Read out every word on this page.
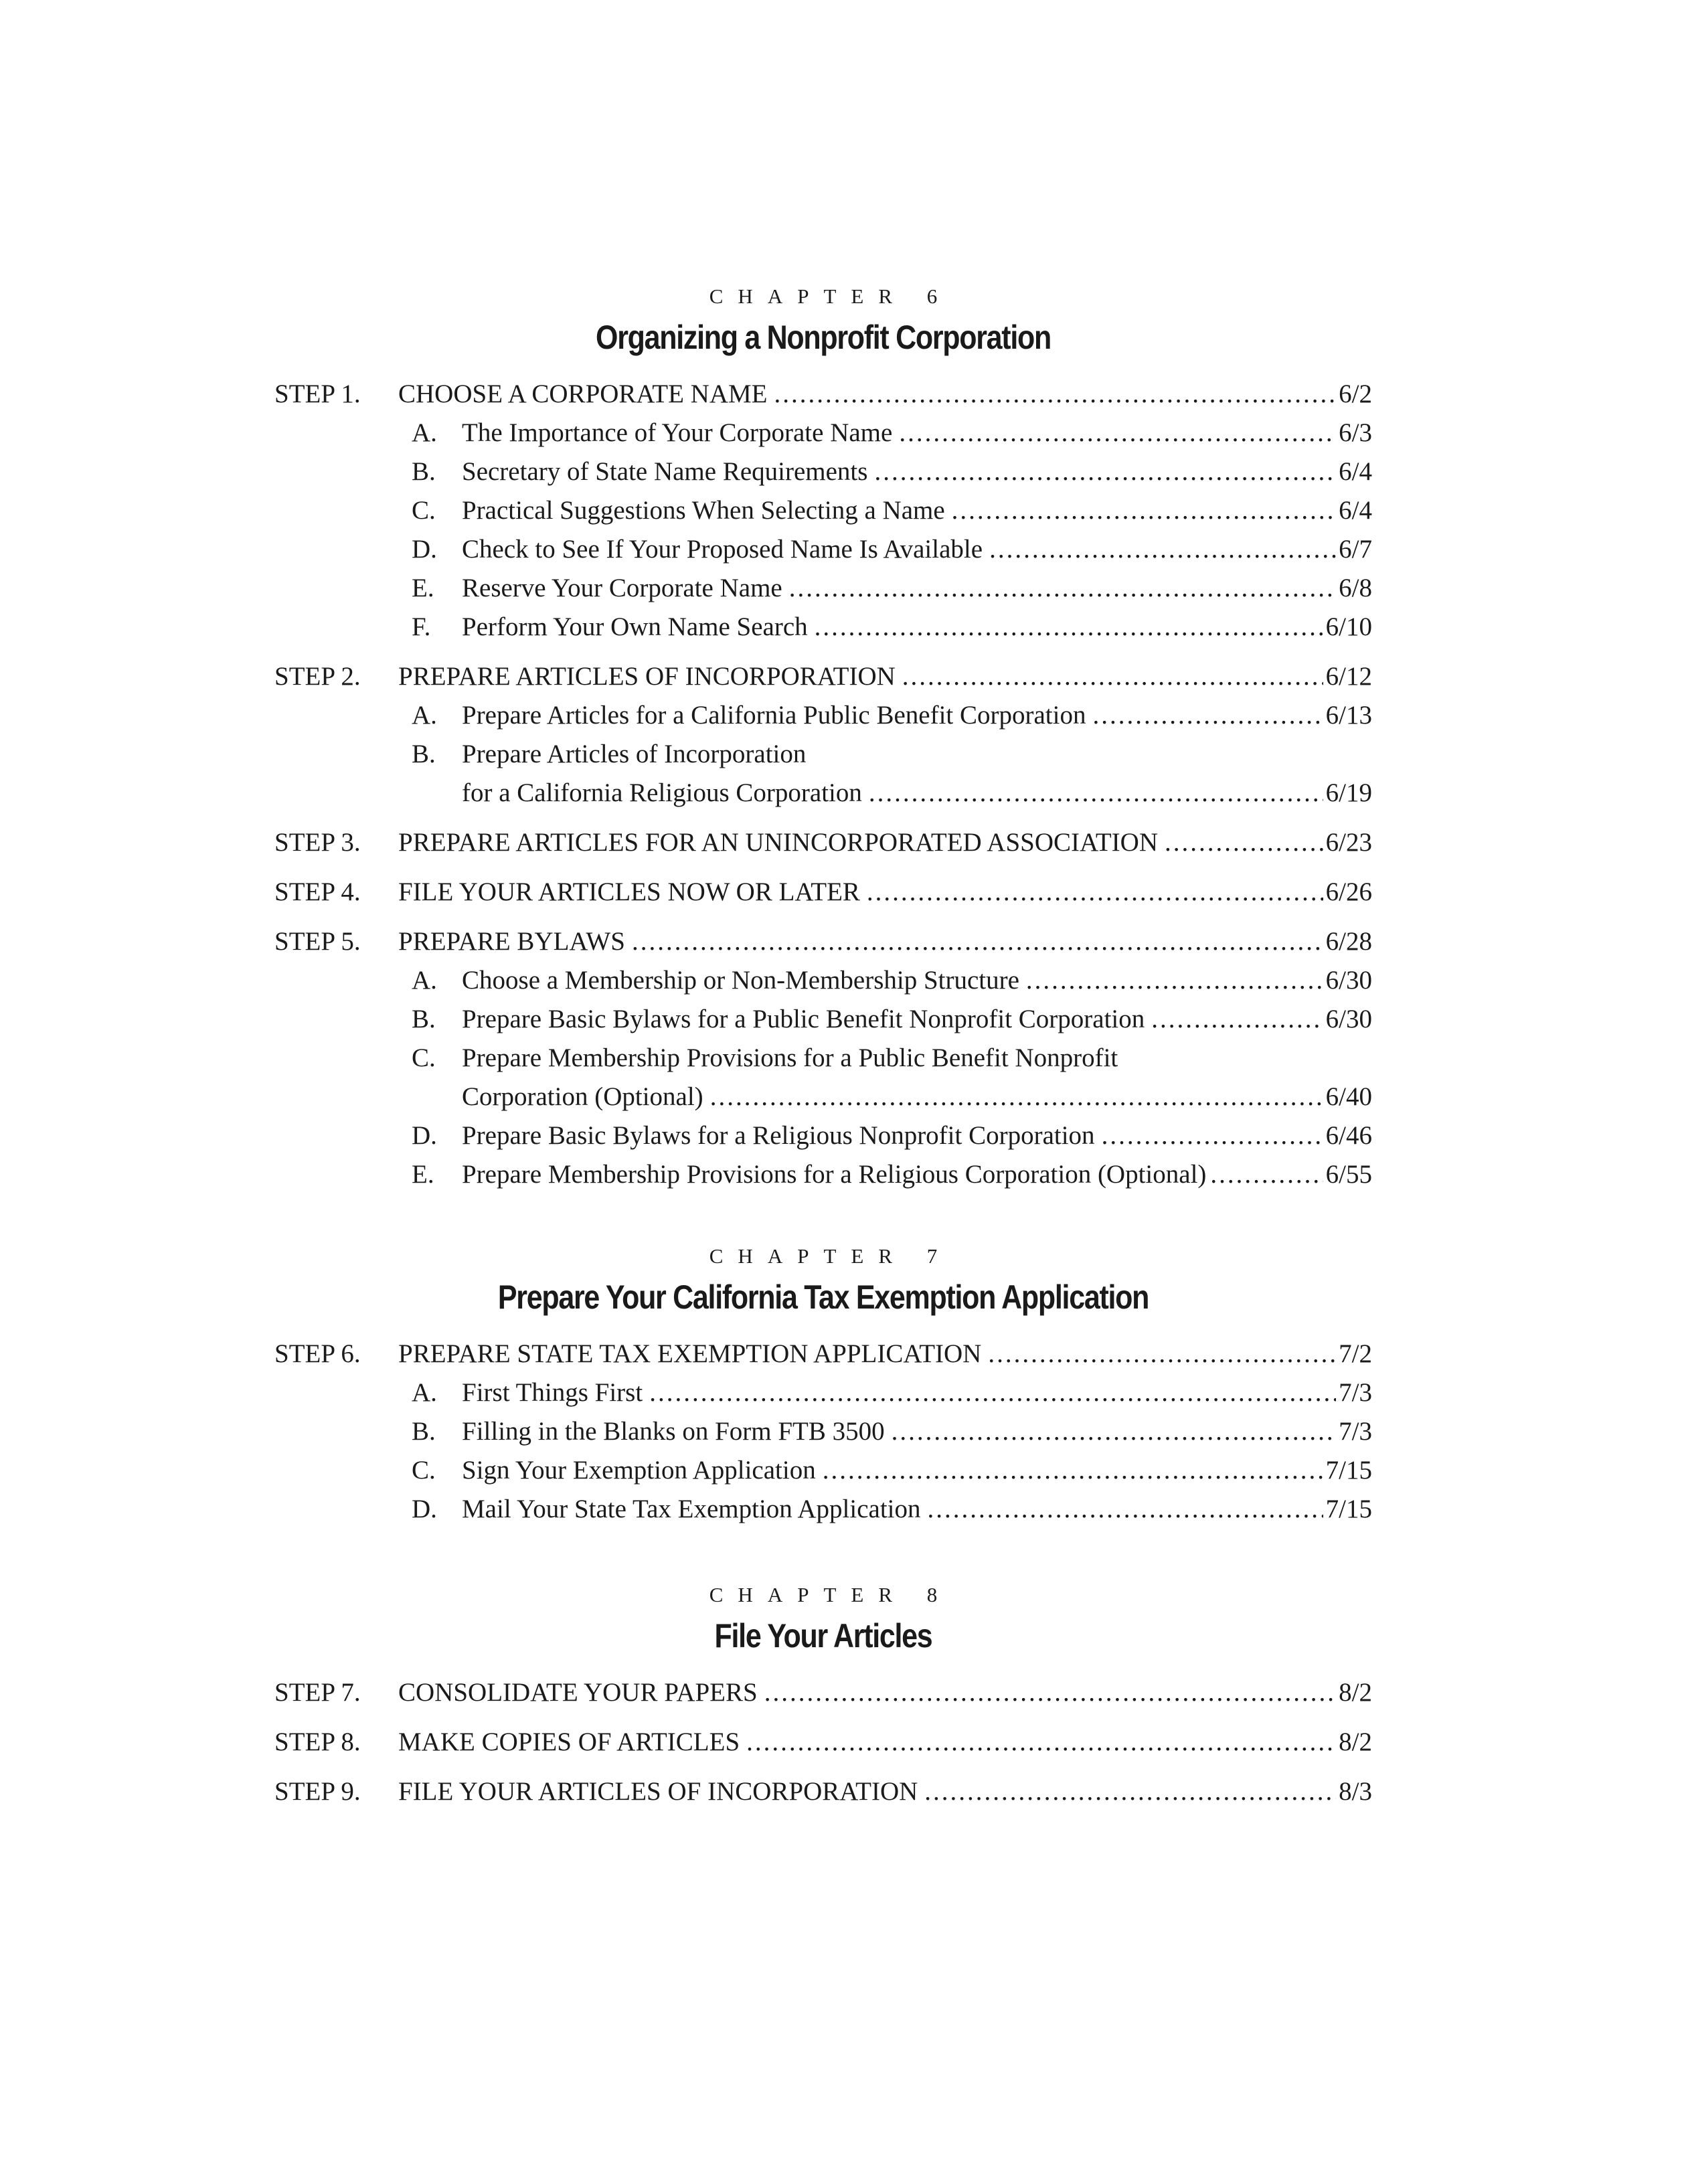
CHAPTER 6
Organizing a Nonprofit Corporation
STEP 1.	CHOOSE A CORPORATE NAME .....	6/2
A. The Importance of Your Corporate Name .....	6/3
B.	Secretary of State Name Requirements .....	6/4
C.	Practical Suggestions When Selecting a Name .....	6/4
D. Check to See If Your Proposed Name Is Available .....	6/7
E.	Reserve Your Corporate Name .....	6/8
F.	Perform Your Own Name Search .....	6/10
STEP 2.	PREPARE ARTICLES OF INCORPORATION .....	6/12
A. Prepare Articles for a California Public Benefit Corporation .....	6/13
B.	Prepare Articles of Incorporation
for a California Religious Corporation .....	6/19
STEP 3.	PREPARE ARTICLES FOR AN UNINCORPORATED ASSOCIATION .....	6/23
STEP 4.	FILE YOUR ARTICLES NOW OR LATER .....	6/26
STEP 5.	PREPARE BYLAWS .....	6/28
A. Choose a Membership or Non-Membership Structure .....	6/30
B.	Prepare Basic Bylaws for a Public Benefit Nonprofit Corporation .....	6/30
C.	Prepare Membership Provisions for a Public Benefit Nonprofit
Corporation (Optional) .....	6/40
D. Prepare Basic Bylaws for a Religious Nonprofit Corporation .....	6/46
E.	Prepare Membership Provisions for a Religious Corporation (Optional) .....	6/55
CHAPTER 7
Prepare Your California Tax Exemption Application
STEP 6.	PREPARE STATE TAX EXEMPTION APPLICATION .....	7/2
A. First Things First .....	7/3
B.	Filling in the Blanks on Form FTB 3500 .....	7/3
C.	Sign Your Exemption Application .....	7/15
D. Mail Your State Tax Exemption Application .....	7/15
CHAPTER 8
File Your Articles
STEP 7.	CONSOLIDATE YOUR PAPERS .....	8/2
STEP 8.	MAKE COPIES OF ARTICLES .....	8/2
STEP 9.	FILE YOUR ARTICLES OF INCORPORATION .....	8/3
